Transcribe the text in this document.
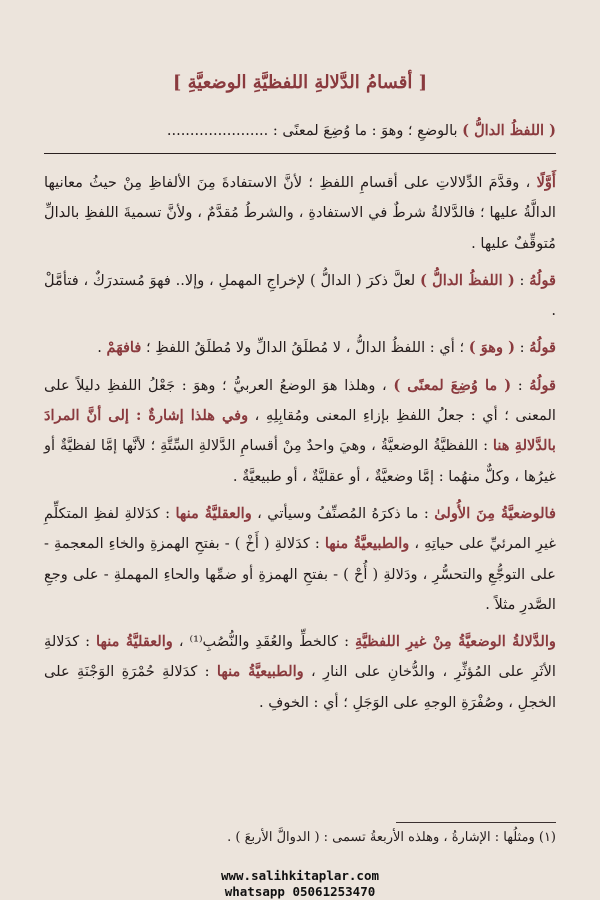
[ أقسامُ الدَّلالةِ اللفظيَّةِ الوضعيَّةِ ]
( اللفظُ الدالُّ ) بالوضعِ ؛ وهوَ : ما وُضِعَ لمعنًى : ......................

أَوَّلًا ، وقدَّمَ الدِّلالاتِ على أقسامِ اللفظِ ؛ لأنَّ الاستفادةَ مِنَ الألفاظِ مِنْ حيثُ معانيها الدالَّةُ عليها ؛ فالدَّلالةُ شرطٌ في الاستفادةِ ، والشرطُ مُقدَّمٌ ، ولأنَّ تسميةَ اللفظِ بالدالِّ مُتوقِّفٌ عليها .

قولُهُ : ( اللفظُ الدالُّ ) لعلَّ ذكرَ ( الدالُّ ) لإخراجِ المهملِ ، وإلا.. فهوَ مُستدرَكٌ ، فتأمَّلْ .

قولُهُ : ( وهوَ ) ؛ أي : اللفظُ الدالُّ ، لا مُطلَقُ الدالِّ ولا مُطلَقُ اللفظِ ؛ فافهَمْ .

قولُهُ : ( ما وُضِعَ لمعنًى ) ، وهلذا هوَ الوضعُ العربيُّ ؛ وهوَ : جَعْلُ اللفظِ دليلاً على المعنى ؛ أي : جعلُ اللفظِ بإزاءِ المعنى ومُقابِلِهِ ، وفي هلذا إشارةٌ : إلى أنَّ المرادَ بالدَّلالةِ هنا : اللفظيَّةُ الوضعيَّةُ ، وهيَ واحدٌ مِنْ أقسامِ الدَّلالةِ السِّتَّةِ ؛ لأنَّها إمَّا لفظيَّةٌ أو غيرُها ، وكلٌّ منهُما : إمَّا وضعيَّةٌ ، أو عقليَّةٌ ، أو طبيعيَّةٌ .

فالوضعيَّةُ مِنَ الأُولىٰ : ما ذكرَهُ المُصنِّفُ وسيأتي ، والعقليَّةُ منها : كدَلالةِ لفظِ المتكلِّمِ غيرِ المرئيِّ على حياتِهِ ، والطبيعيَّةُ منها : كدَلالةِ ( أَخْ ) - بفتحِ الهمزةِ والخاءِ المعجمةِ - على التوجُّعِ والتحسُّرِ ، ودَلالةِ ( أُحْ ) - بفتحِ الهمزةِ أو ضمِّها والحاءِ المهملةِ - على وجعِ الصَّدرِ مثلاً .

والدَّلالةُ الوضعيَّةُ مِنْ غيرِ اللفظيَّةِ : كالخطِّ والعُقَدِ والنُّصُبِ⁽¹⁾ ، والعقليَّةُ منها : كدَلالةِ الأثَرِ على المُؤثِّرِ ، والدُّخانِ على النارِ ، والطبيعيَّةُ منها : كدَلالةِ حُمْرَةِ الوَجْنَةِ على الخجلِ ، وصُفْرَةِ الوجهِ على الوَجَلِ ؛ أي : الخوفِ .

(١) ومثلُها : الإشارةُ ، وهلذه الأربعةُ تسمى : ( الدوالَّ الأربعَ ) .
www.salihkitaplar.com
whatsapp 05061253470
